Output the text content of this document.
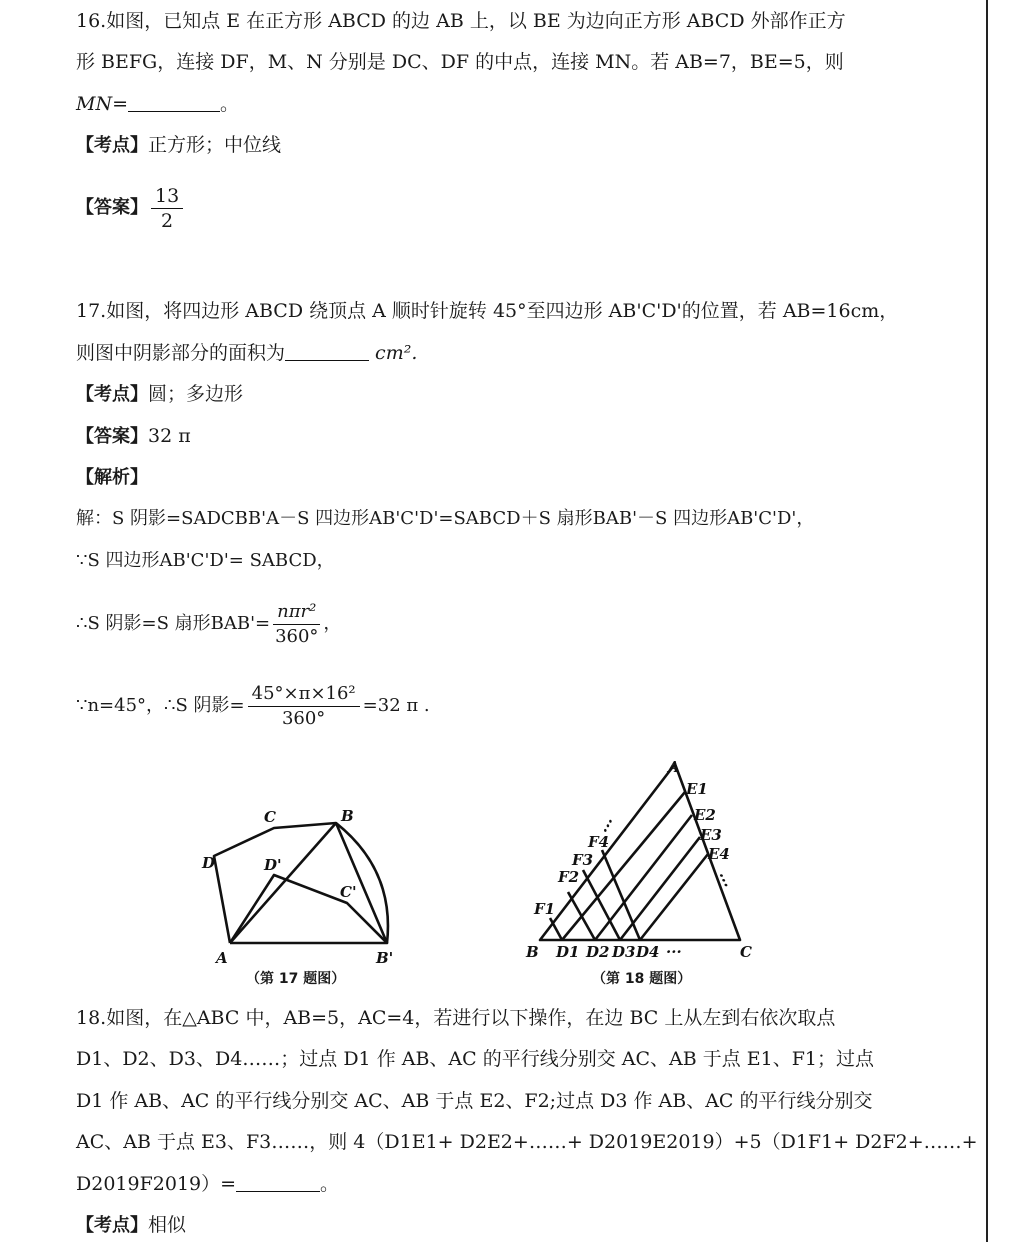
16.如图，已知点 E 在正方形 ABCD 的边 AB 上，以 BE 为边向正方形 ABCD 外部作正方
形 BEFG，连接 DF，M、N 分别是 DC、DF 的中点，连接 MN。若 AB=7，BE=5，则
MN=	。
【考点】正方形；中位线
【答案】 $\frac{13}{2}$
17.如图，将四边形 ABCD 绕顶点 A 顺时针旋转 45°至四边形 AB'C'D'的位置，若 AB=16cm，
则图中阴影部分的面积为	cm².
【考点】圆；多边形
【答案】32 π
【解析】
解：S 阴影=SADCBB'A－S 四边形AB'C'D'=SABCD＋S 扇形BAB'－S 四边形AB'C'D'，
∵S 四边形AB'C'D'= SABCD，
∴S 阴影=S 扇形$BAB'= \frac{\text{nπr²}}{360^\circ}$ ，
∵n=45°，∴S 阴影= $\frac{\text{45°×π×16²}}{360^\circ} =32$ π .
D
C	B
D'
C'
A	B'
（第 17 题图）
A
B	C
E1
E2
E3
E4
···
F1
F2
F3
F4
···
D1 D2 D3 D4 ···
（第 18 题图）
18.如图，在△ABC 中，AB=5，AC=4，若进行以下操作，在边 BC 上从左到右依次取点
D1、D2、D3、D4……；过点 D1 作 AB、AC 的平行线分别交 AC、AB 于点 E1、F1；过点
D1 作 AB、AC 的平行线分别交 AC、AB 于点 E2、F2;过点 D3 作 AB、AC 的平行线分别交
AC、AB 于点 E3、F3……，则 4（D1E1+ D2E2+……+ D2019E2019）+5（D1F1+ D2F2+……+
D2019F2019）=	。
【考点】相似
